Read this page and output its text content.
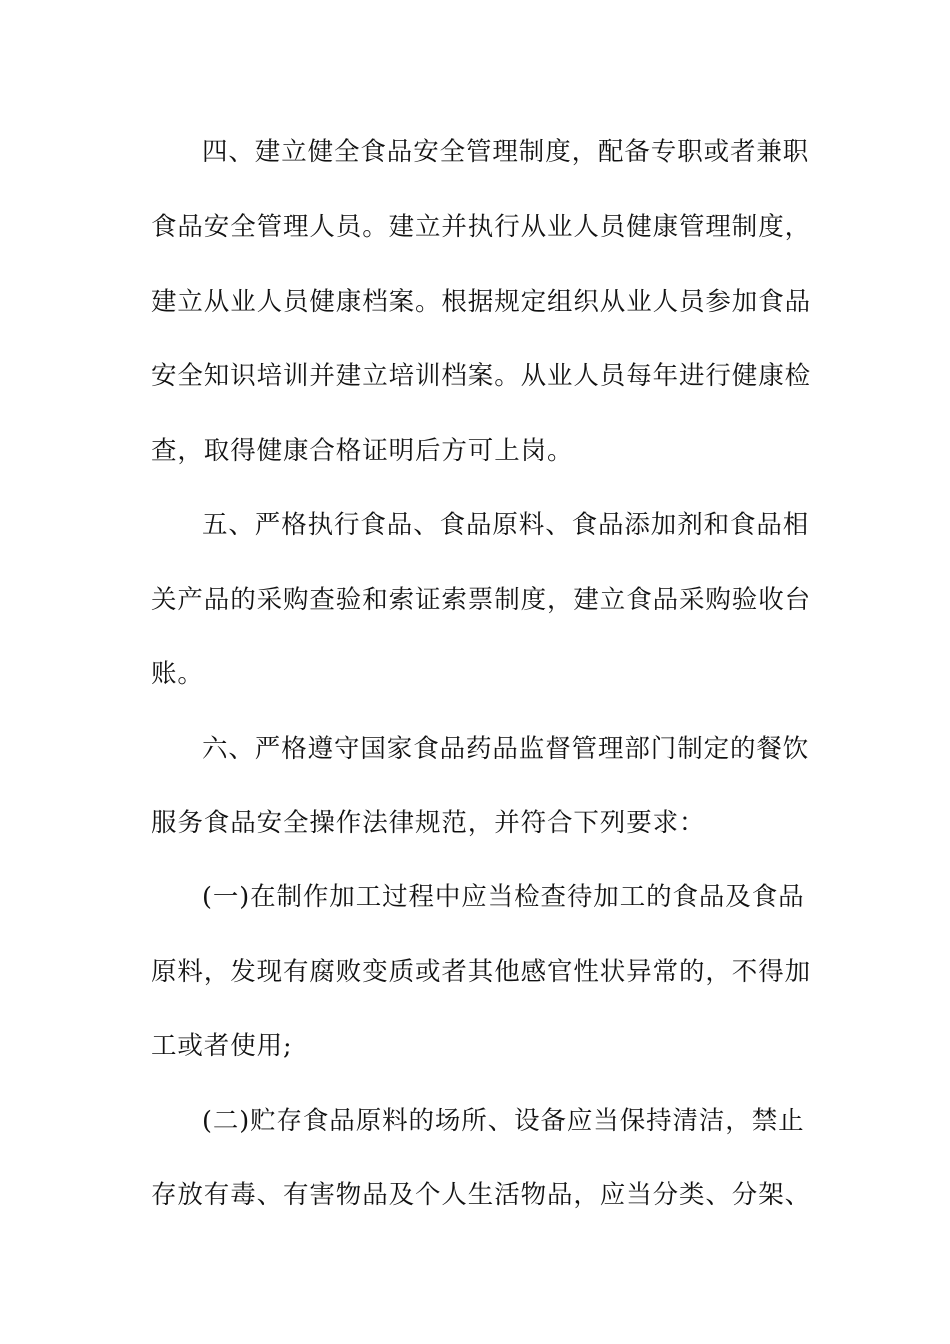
四、建立健全食品安全管理制度，配备专职或者兼职
食品安全管理人员。建立并执行从业人员健康管理制度，
建立从业人员健康档案。根据规定组织从业人员参加食品
安全知识培训并建立培训档案。从业人员每年进行健康检
查，取得健康合格证明后方可上岗。
五、严格执行食品、食品原料、食品添加剂和食品相
关产品的采购查验和索证索票制度，建立食品采购验收台
账。
六、严格遵守国家食品药品监督管理部门制定的餐饮
服务食品安全操作法律规范，并符合下列要求：
(一)在制作加工过程中应当检查待加工的食品及食品
原料，发现有腐败变质或者其他感官性状异常的，不得加
工或者使用;
(二)贮存食品原料的场所、设备应当保持清洁，禁止
存放有毒、有害物品及个人生活物品，应当分类、分架、
